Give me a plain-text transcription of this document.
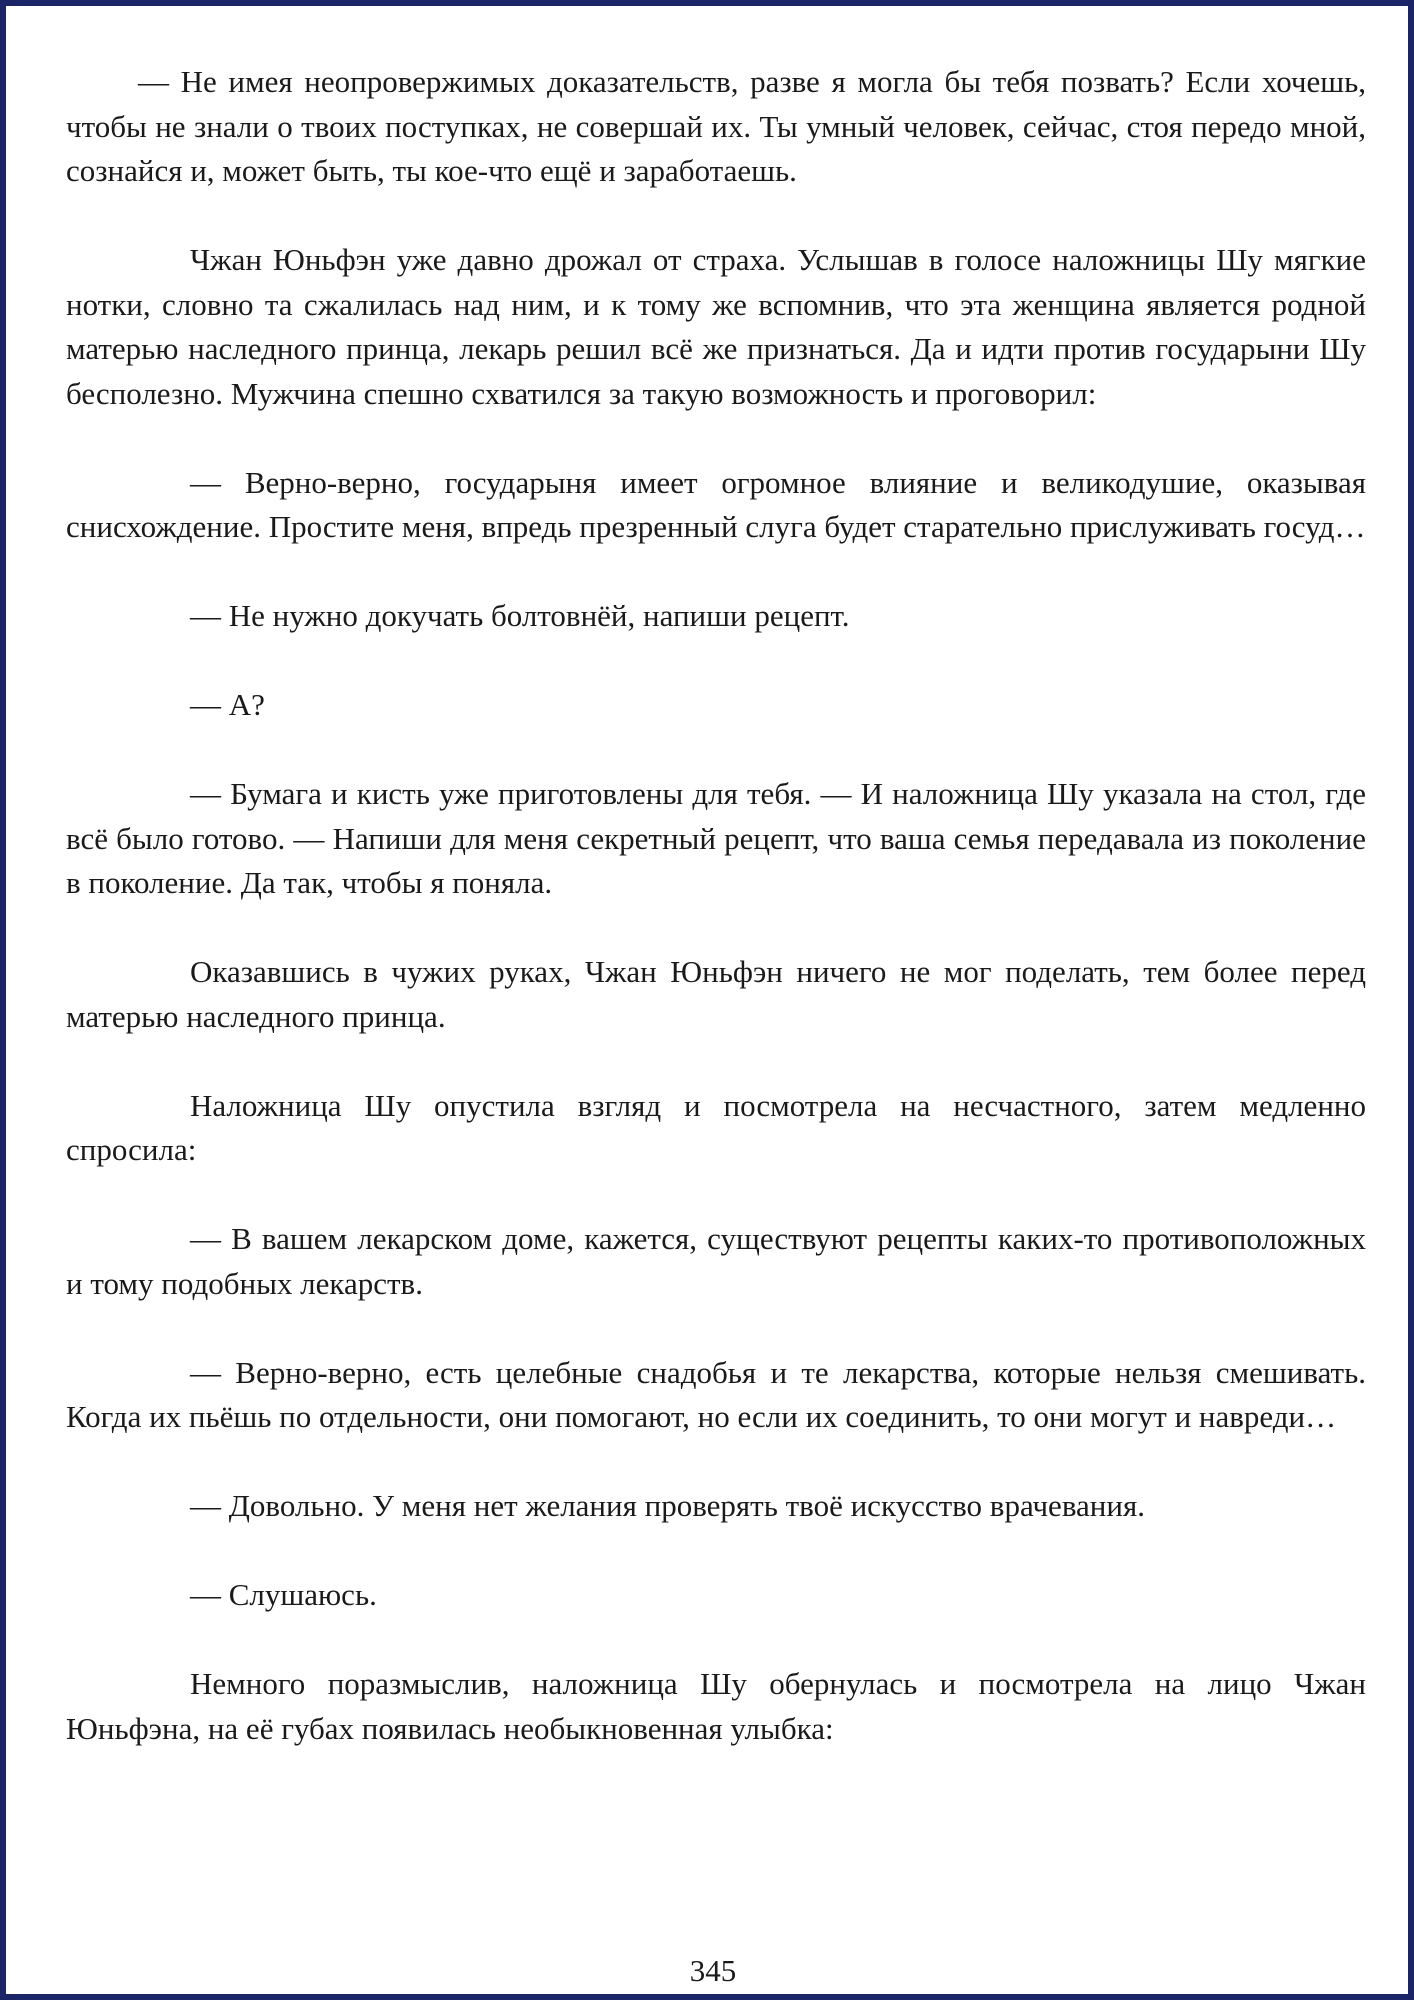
— Не имея неопровержимых доказательств, разве я могла бы тебя позвать? Если хочешь, чтобы не знали о твоих поступках, не совершай их. Ты умный человек, сейчас, стоя передо мной, сознайся и, может быть, ты кое-что ещё и заработаешь.

Чжан Юньфэн уже давно дрожал от страха. Услышав в голосе наложницы Шу мягкие нотки, словно та сжалилась над ним, и к тому же вспомнив, что эта женщина является родной матерью наследного принца, лекарь решил всё же признаться. Да и идти против государыни Шу бесполезно. Мужчина спешно схватился за такую возможность и проговорил:

— Верно-верно, государыня имеет огромное влияние и великодушие, оказывая снисхождение. Простите меня, впредь презренный слуга будет старательно прислуживать госуд…

— Не нужно докучать болтовнёй, напиши рецепт.

— А?

— Бумага и кисть уже приготовлены для тебя. — И наложница Шу указала на стол, где всё было готово. — Напиши для меня секретный рецепт, что ваша семья передавала из поколение в поколение. Да так, чтобы я поняла.

Оказавшись в чужих руках, Чжан Юньфэн ничего не мог поделать, тем более перед матерью наследного принца.

Наложница Шу опустила взгляд и посмотрела на несчастного, затем медленно спросила:

— В вашем лекарском доме, кажется, существуют рецепты каких-то противоположных и тому подобных лекарств.

— Верно-верно, есть целебные снадобья и те лекарства, которые нельзя смешивать. Когда их пьёшь по отдельности, они помогают, но если их соединить, то они могут и навреди…

— Довольно. У меня нет желания проверять твоё искусство врачевания.

— Слушаюсь.

Немного поразмыслив, наложница Шу обернулась и посмотрела на лицо Чжан Юньфэна, на её губах появилась необыкновенная улыбка:

345
